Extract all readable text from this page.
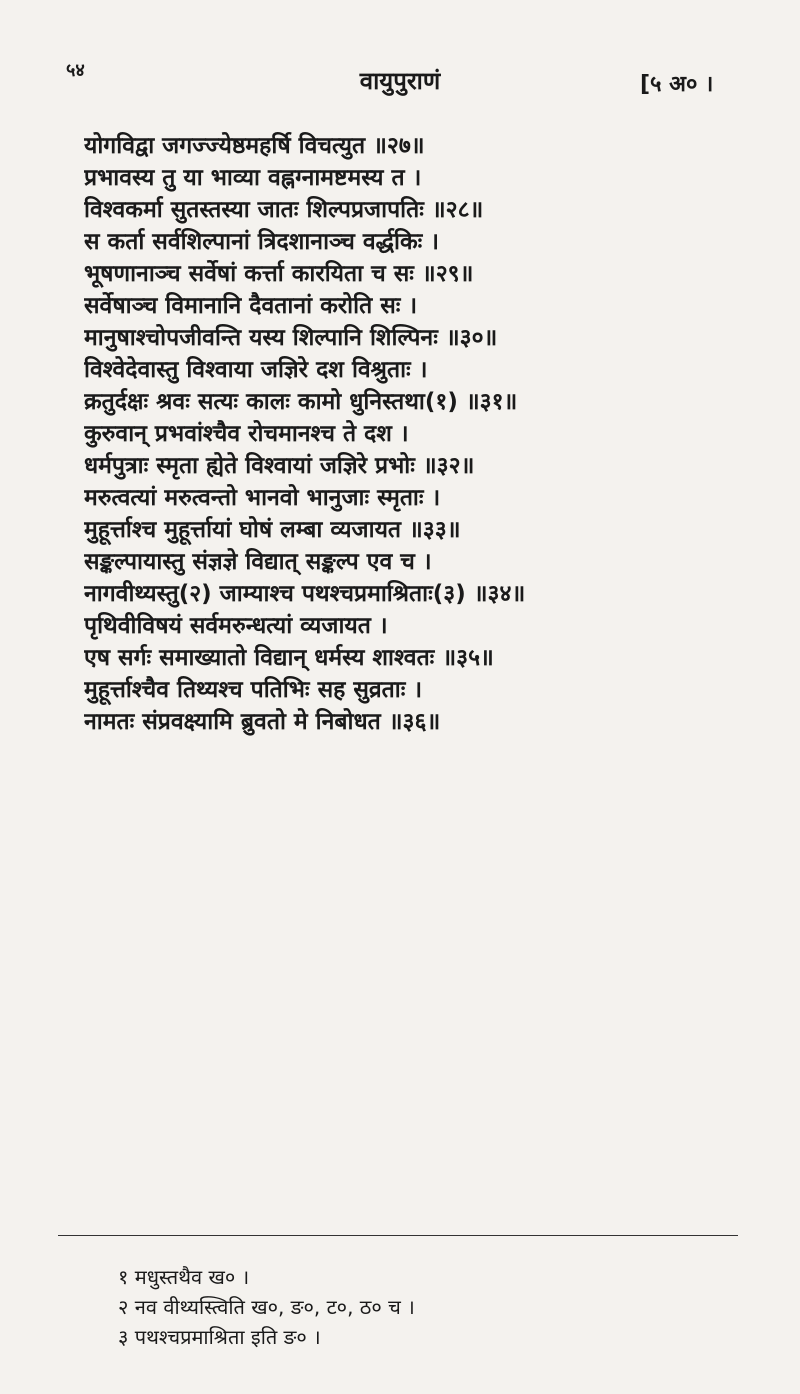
५४	वायुपुराणं	[५ अ० ।
योगविद्वा जगज्ज्येष्ठमहर्षि विचत्युत ॥२७॥
प्रभावस्य तु या भाव्या वह्नग्नामष्टमस्य त ।
विश्वकर्मा सुतस्तस्या जातः शिल्पप्रजापतिः ॥२८॥
स कर्ता सर्वशिल्पानां त्रिदशानाञ्च वर्द्धकिः ।
भूषणानाञ्च सर्वेषां कर्त्ता कारयिता च सः ॥२९॥
सर्वेषाञ्च विमानानि दैवतानां करोति सः ।
मानुषाश्चोपजीवन्ति यस्य शिल्पानि शिल्पिनः ॥३०॥
विश्वेदेवास्तु विश्वाया जज्ञिरे दश विश्रुताः ।
क्रतुर्दक्षः श्रवः सत्यः कालः कामो धुनिस्तथा(१) ॥३१॥
कुरुवान् प्रभवांश्चैव रोचमानश्च ते दश ।
धर्मपुत्राः स्मृता ह्येते विश्वायां जज्ञिरे प्रभोः ॥३२॥
मरुत्वत्यां मरुत्वन्तो भानवो भानुजाः स्मृताः ।
मुहूर्त्ताश्च मुहूर्त्तायां घोषं लम्बा व्यजायत ॥३३॥
सङ्कल्पायास्तु संज्ञज्ञे विद्यात् सङ्कल्प एव च ।
नागवीथ्यस्तु(२) जाम्याश्च पथश्चप्रमाश्रिताः(३) ॥३४॥
पृथिवीविषयं सर्वमरुन्धत्यां व्यजायत ।
एष सर्गः समाख्यातो विद्यान् धर्मस्य शाश्वतः ॥३५॥
मुहूर्त्ताश्चैव तिथ्यश्च पतिभिः सह सुव्रताः ।
नामतः संप्रवक्ष्यामि ब्रुवतो मे निबोधत ॥३६॥
१ मधुस्तथैव ख० ।
२ नव वीथ्यस्त्विति ख०, ङ०, ट०, ठ० च ।
३ पथश्चप्रमाश्रिता इति ङ० ।
